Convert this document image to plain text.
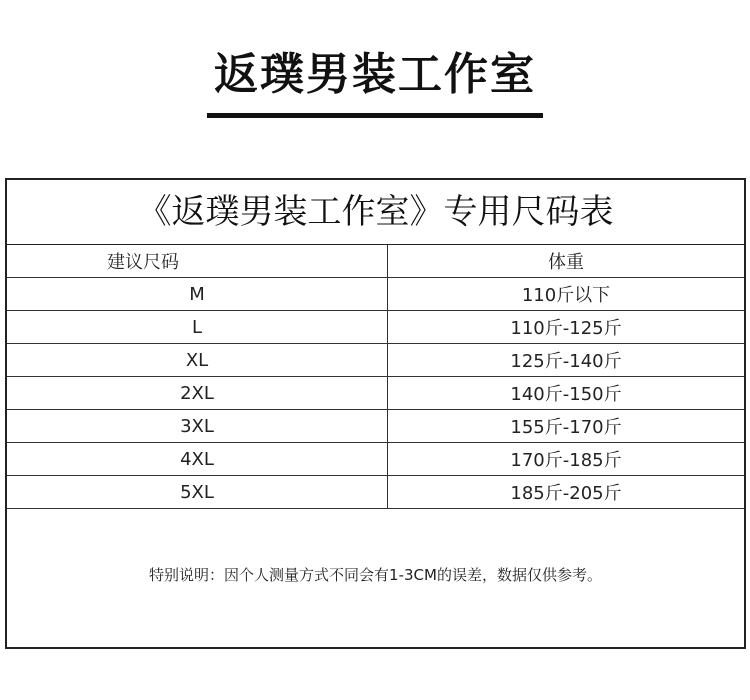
返璞男装工作室
《返璞男装工作室》专用尺码表
建议尺码	体重
M	110斤以下
L	110斤-125斤
XL	125斤-140斤
2XL	140斤-150斤
3XL	155斤-170斤
4XL	170斤-185斤
5XL	185斤-205斤
特别说明：因个人测量方式不同会有1-3CM的误差，数据仅供参考。
